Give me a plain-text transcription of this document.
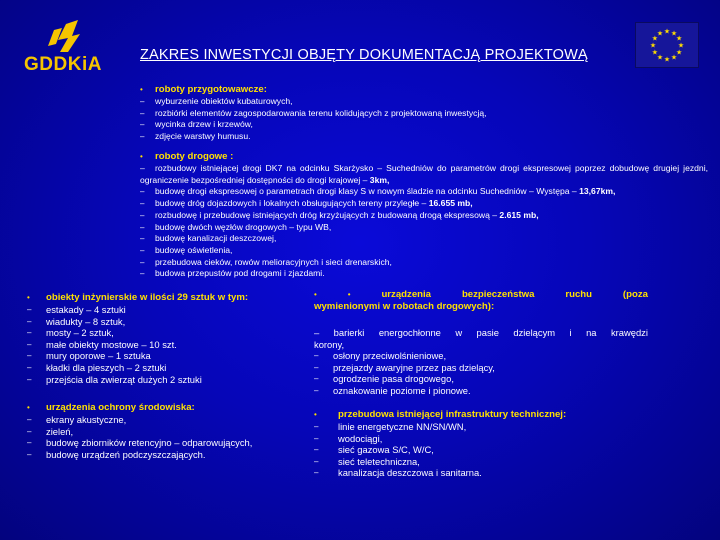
GDDKiA	ZAKRES INWESTYCJI OBJĘTY DOKUMENTACJĄ PROJEKTOWĄ
★ ★
★
★
★
★
★
★
★
★
★
★
•	roboty przygotowawcze:
–	wyburzenie obiektów kubaturowych,
–	rozbiórki elementów zagospodarowania terenu kolidujących z projektowaną inwestycją,
–	wycinka drzew i krzewów,
–	zdjęcie warstwy humusu.
•	roboty drogowe :
– rozbudowy istniejącej drogi DK7 na odcinku Skarżysko – Suchedniów do parametrów drogi ekspresowej poprzez dobudowę drugiej jezdni, ograniczenie bezpośredniej dostępności do drogi krajowej – 3km,
–	budowę drogi ekspresowej o parametrach drogi klasy S w nowym śladzie na odcinku Suchedniów – Występa –
13,67km,
–	budowę dróg dojazdowych i lokalnych obsługujących tereny przyległe –
16.655 mb,
–	rozbudowę i przebudowę istniejących dróg krzyżujących z budowaną drogą ekspresową –
2.615 mb,
–	budowę dwóch węzłów drogowych – typu WB,
–	budowę kanalizacji deszczowej,
–	budowę oświetlenia,
–	przebudowa cieków, rowów melioracyjnych i sieci drenarskich,
–	budowa przepustów pod drogami i zjazdami.
•	obiekty inżynierskie w ilości 29 sztuk w tym:
–	estakady – 4 sztuki
–	wiadukty – 8 sztuk,
–	mosty – 2 sztuk,
–	małe obiekty mostowe – 10 szt.
–	mury oporowe – 1 sztuka
–	kładki dla pieszych – 2 sztuki
–	przejścia dla zwierząt dużych 2 sztuki
•	urządzenia ochrony środowiska:
–	ekrany akustyczne,
–	zieleń,
–	budowę zbiorników retencyjno – odparowujących,
–	budowę urządzeń podczyszczających.
•	•	urządzenia	bezpieczeństwa	ruchu	(poza
wymienionymi w robotach drogowych):
– barierki energochłonne w pasie dzielącym i na krawędzi
korony,
–	osłony przeciwolśnieniowe,
–	przejazdy awaryjne przez pas dzielący,
–	ogrodzenie pasa drogowego,
–	oznakowanie poziome i pionowe.
•	przebudowa istniejącej infrastruktury technicznej:
–	linie energetyczne NN/SN/WN,
–	wodociągi,
–	sieć gazowa S/C, W/C,
–	sieć teletechniczna,
–	kanalizacja deszczowa i sanitarna.
